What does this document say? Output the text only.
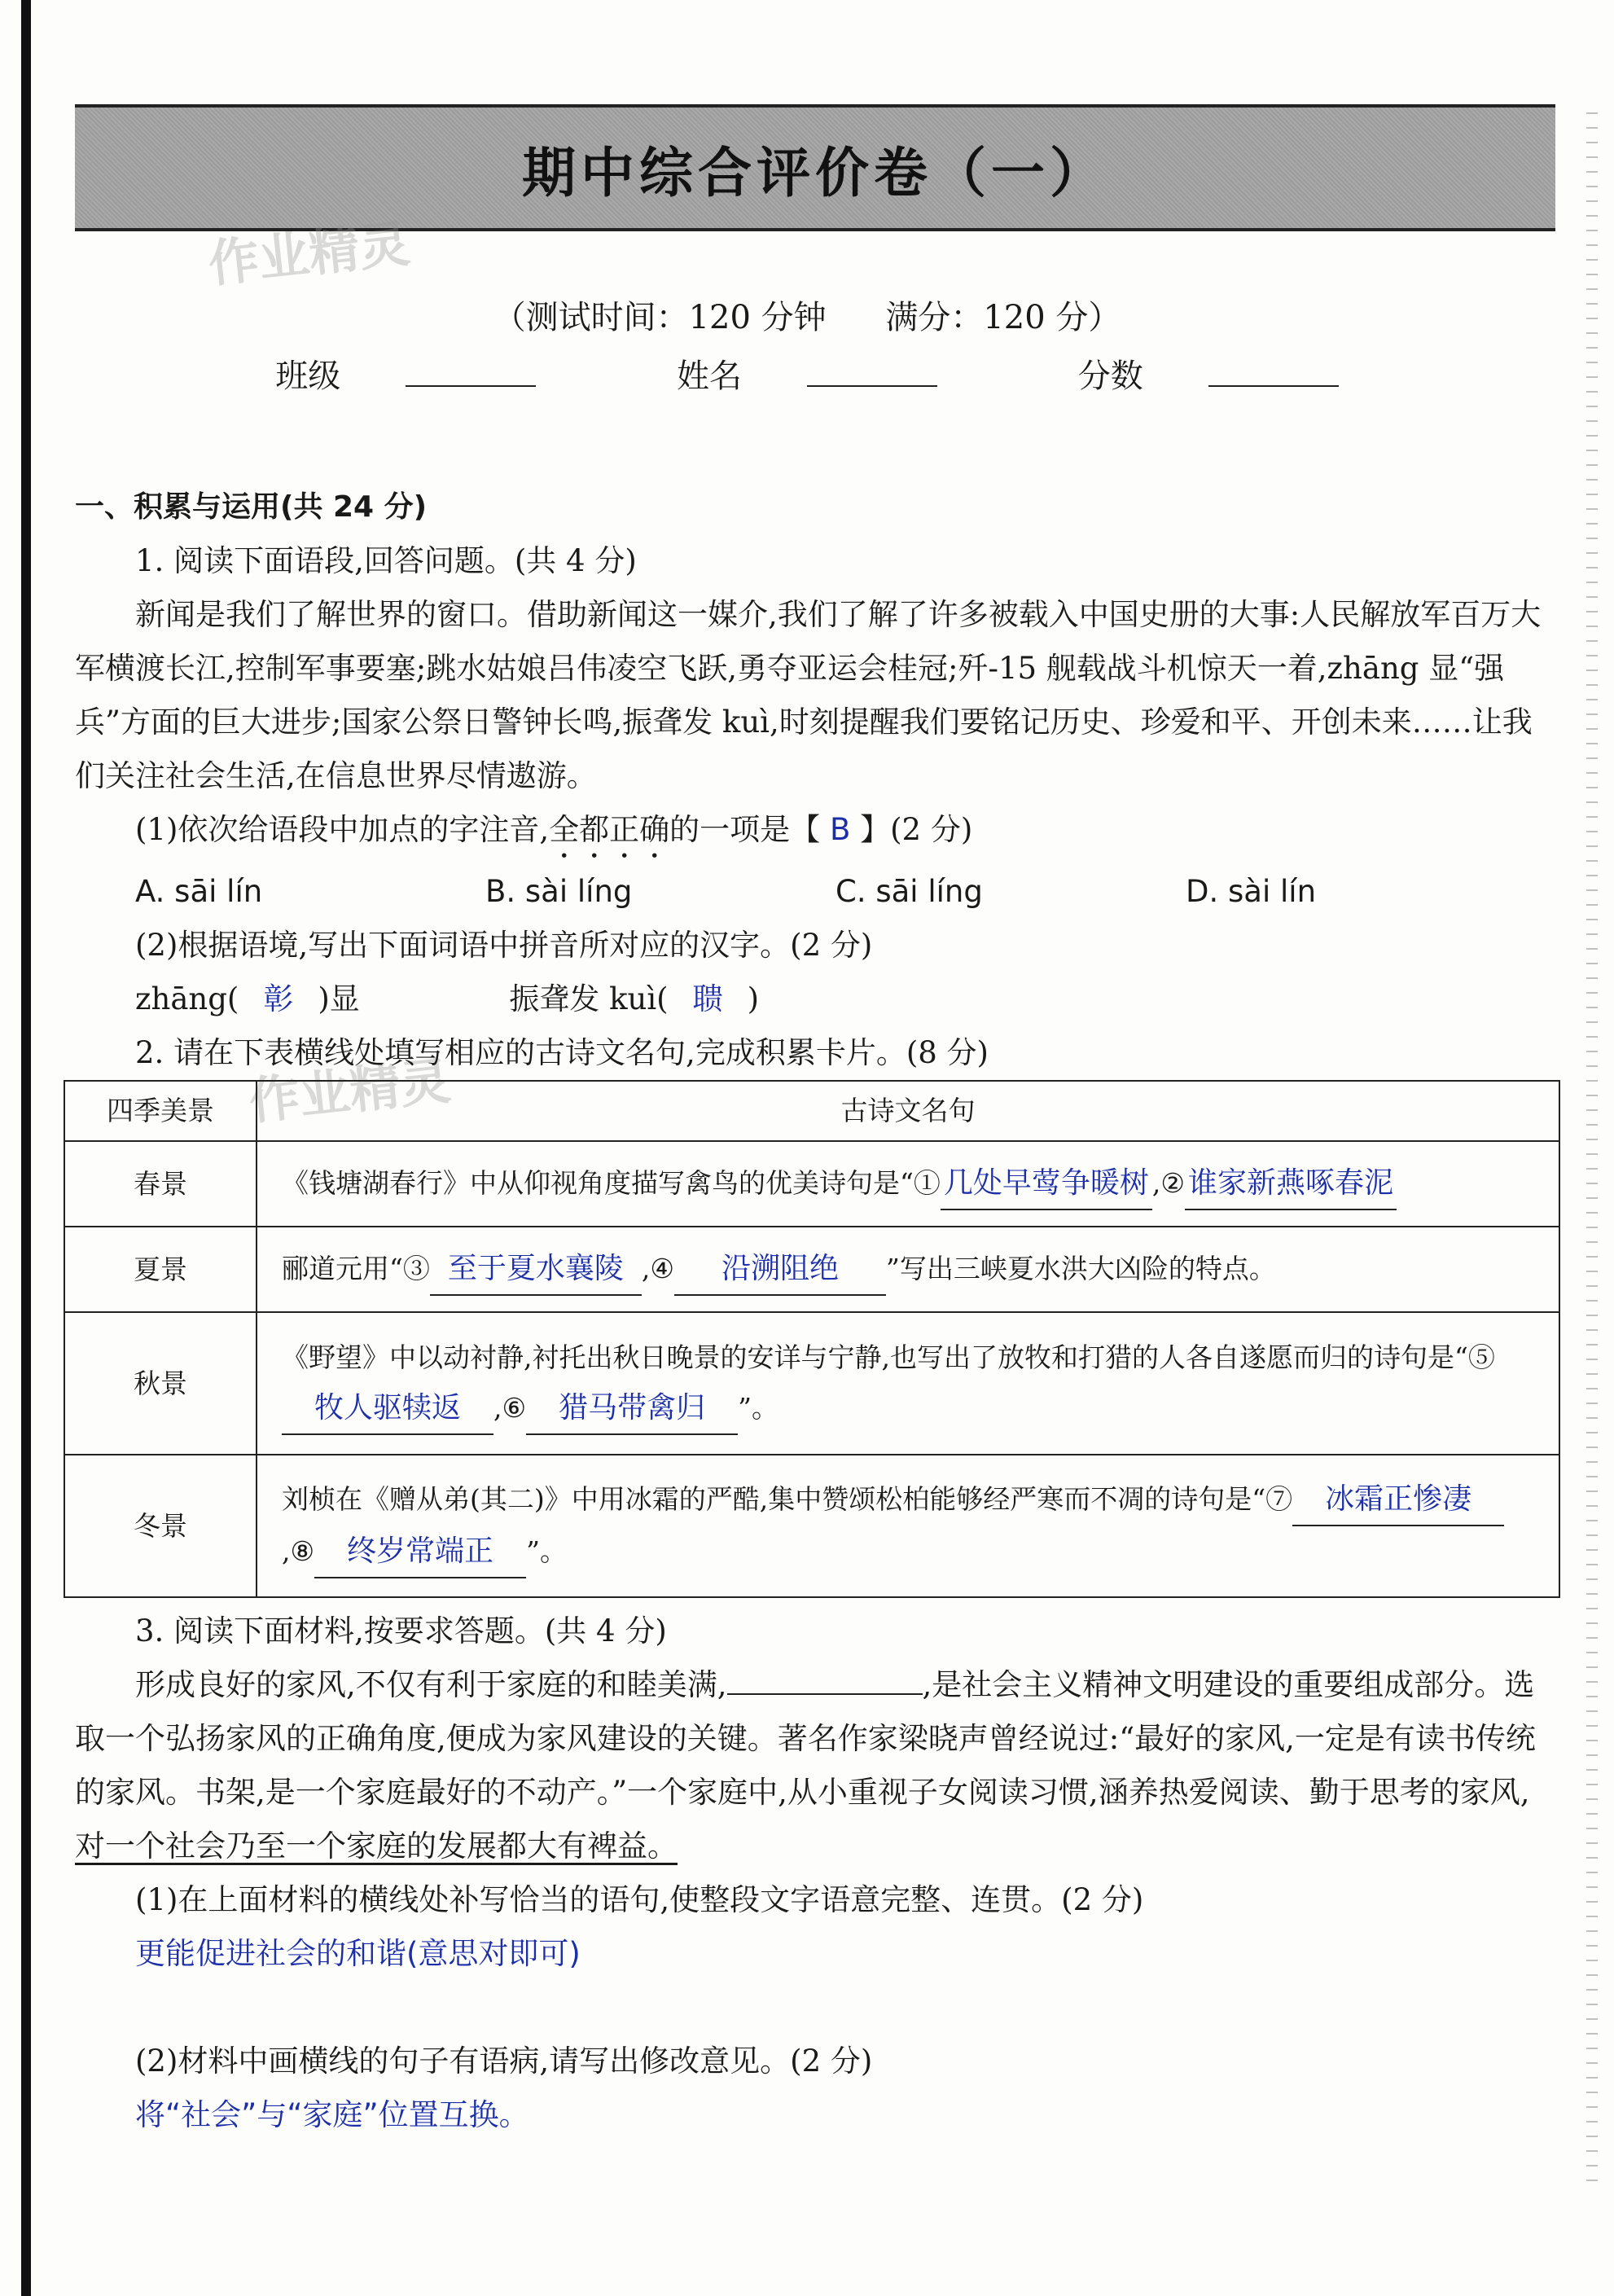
期中综合评价卷（一）
作业精灵
作业精灵
（测试时间：120 分钟 满分：120 分）
班级	姓名	分数
一、积累与运用(共 24 分)

1. 阅读下面语段,回答问题。(共 4 分)

新闻是我们了解世界的窗口。借助新闻这一媒介,我们了解了许多被载入中国史册的大事:人民解放军百万大军横渡长江,控制军事要塞;跳水姑娘吕伟凌空飞跃,勇夺亚运会桂冠;歼-15 舰载战斗机惊天一着,zhāng 显“强兵”方面的巨大进步;国家公祭日警钟长鸣,振聋发 kuì,时刻提醒我们要铭记历史、珍爱和平、开创未来……让我们关注社会生活,在信息世界尽情遨游。

(1)依次给语段中加点的字注音,全都正确的一项是【 B 】(2 分)

A. sāi lín	B. sài líng	C. sāi líng	D. sài lín

(2)根据语境,写出下面词语中拼音所对应的汉字。(2 分)

zhāng( 彰 )显	振聋发 kuì( 聩 )

2. 请在下表横线处填写相应的古诗文名句,完成积累卡片。(8 分)

四季美景	古诗文名句
春景	《钱塘湖春行》中从仰视角度描写禽鸟的优美诗句是“① 几处早莺争暖树 ,② 谁家新燕啄春泥
夏景	郦道元用“③ 至于夏水襄陵 ,④ 沿溯阻绝 ”写出三峡夏水洪大凶险的特点。
秋景	《野望》中以动衬静,衬托出秋日晚景的安详与宁静,也写出了放牧和打猎的人各自遂愿而归的诗句是“⑤牧人驱犊返 ,⑥ 猎马带禽归 ”。
冬景	刘桢在《赠从弟(其二)》中用冰霜的严酷,集中赞颂松柏能够经严寒而不凋的诗句是“⑦ 冰霜正惨凄,⑧ 终岁常端正 ”。

3. 阅读下面材料,按要求答题。(共 4 分)

形成良好的家风,不仅有利于家庭的和睦美满,	,是社会主义精神文明建设的重要组成部分。选取一个弘扬家风的正确角度,便成为家风建设的关键。著名作家梁晓声曾经说过:“最好的家风,一定是有读书传统的家风。书架,是一个家庭最好的不动产。”一个家庭中,从小重视子女阅读习惯,涵养热爱阅读、勤于思考的家风,对一个社会乃至一个家庭的发展都大有裨益。

(1)在上面材料的横线处补写恰当的语句,使整段文字语意完整、连贯。(2 分)

更能促进社会的和谐(意思对即可)

(2)材料中画横线的句子有语病,请写出修改意见。(2 分)

将“社会”与“家庭”位置互换。
